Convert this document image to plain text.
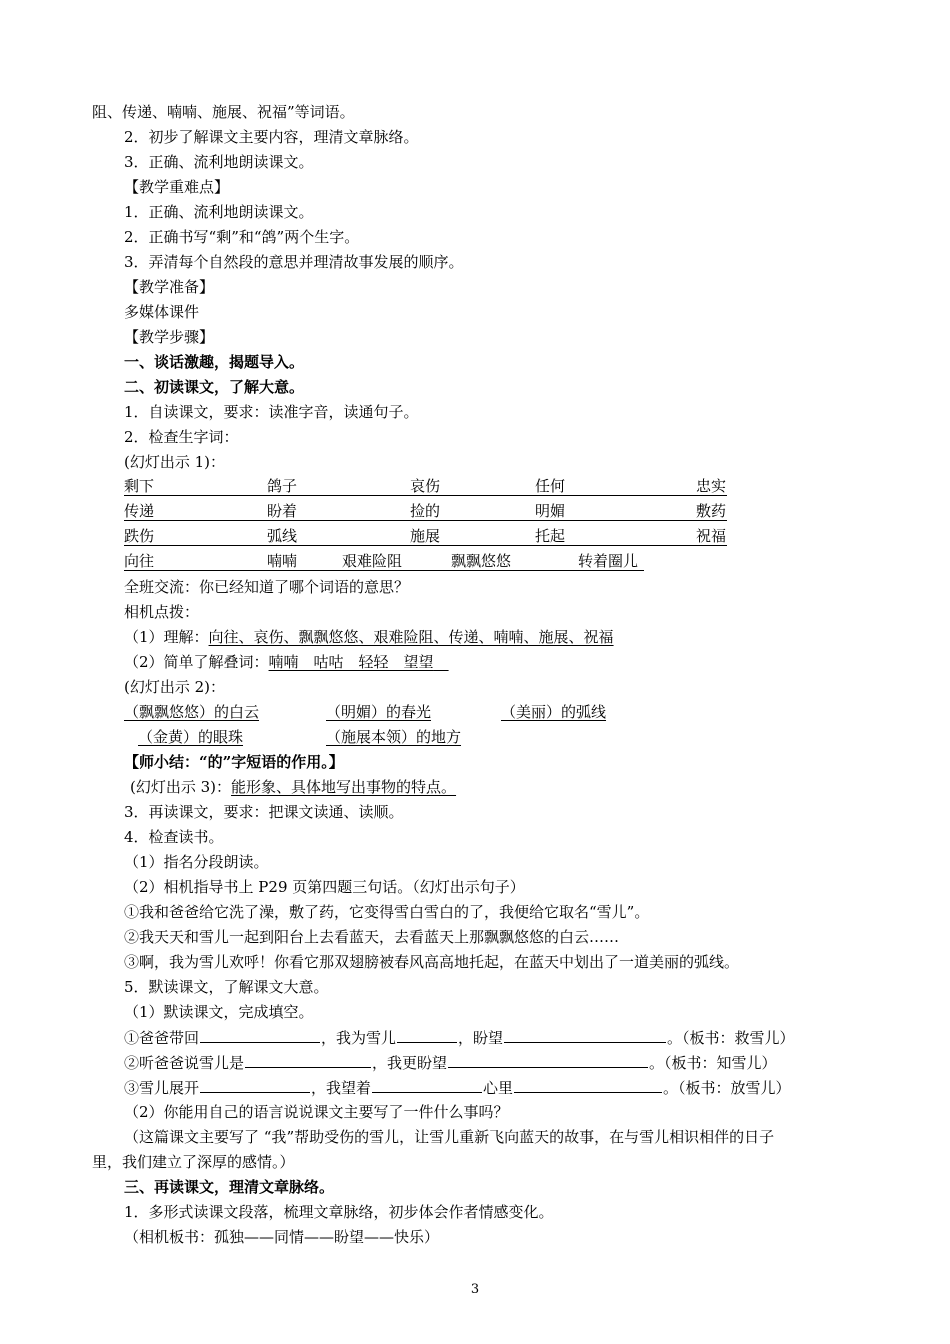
阻、传递、喃喃、施展、祝福”等词语。
2．初步了解课文主要内容，理清文章脉络。
3．正确、流利地朗读课文。
【教学重难点】
1．正确、流利地朗读课文。
2．正确书写“剩”和“鸽”两个生字。
3．弄清每个自然段的意思并理清故事发展的顺序。
【教学准备】
多媒体课件
【教学步骤】
一、谈话激趣，揭题导入。
二、初读课文，了解大意。
1．自读课文，要求：读准字音，读通句子。
2．检查生字词：
(幻灯出示 1)：
剩下	鸽子	哀伤	任何	忠实
传递	盼着	捡的	明媚	敷药
跌伤	弧线	施展	托起	祝福
向往	喃喃	艰难险阻	飘飘悠悠	转着圈儿
全班交流：你已经知道了哪个词语的意思？
相机点拨：
（1）理解：向往、哀伤、飘飘悠悠、艰难险阻、传递、喃喃、施展、祝福
（2）简单了解叠词：喃喃　咕咕　轻轻　望望　
(幻灯出示 2)：
（飘飘悠悠）的白云	（明媚）的春光	（美丽）的弧线
（金黄）的眼珠	（施展本领）的地方
【师小结：“的”字短语的作用。】
(幻灯出示 3)：能形象、具体地写出事物的特点。
3．再读课文，要求：把课文读通、读顺。
4．检查读书。
（1）指名分段朗读。
（2）相机指导书上 P29 页第四题三句话。（幻灯出示句子）
①我和爸爸给它洗了澡，敷了药，它变得雪白雪白的了，我便给它取名“雪儿”。
②我天天和雪儿一起到阳台上去看蓝天，去看蓝天上那飘飘悠悠的白云……
③啊，我为雪儿欢呼！你看它那双翅膀被春风高高地托起，在蓝天中划出了一道美丽的弧线。
5．默读课文，了解课文大意。
（1）默读课文，完成填空。
①爸爸带回	，我为雪儿	，盼望	。（板书：救雪儿）
②听爸爸说雪儿是	，我更盼望	。（板书：知雪儿）
③雪儿展开	，我望着	心里	。（板书：放雪儿）
（2）你能用自己的语言说说课文主要写了一件什么事吗？
（这篇课文主要写了 “我”帮助受伤的雪儿，让雪儿重新飞向蓝天的故事，在与雪儿相识相伴的日子
里，我们建立了深厚的感情。）
三、再读课文，理清文章脉络。
1．多形式读课文段落，梳理文章脉络，初步体会作者情感变化。
（相机板书：孤独——同情——盼望——快乐）
3
